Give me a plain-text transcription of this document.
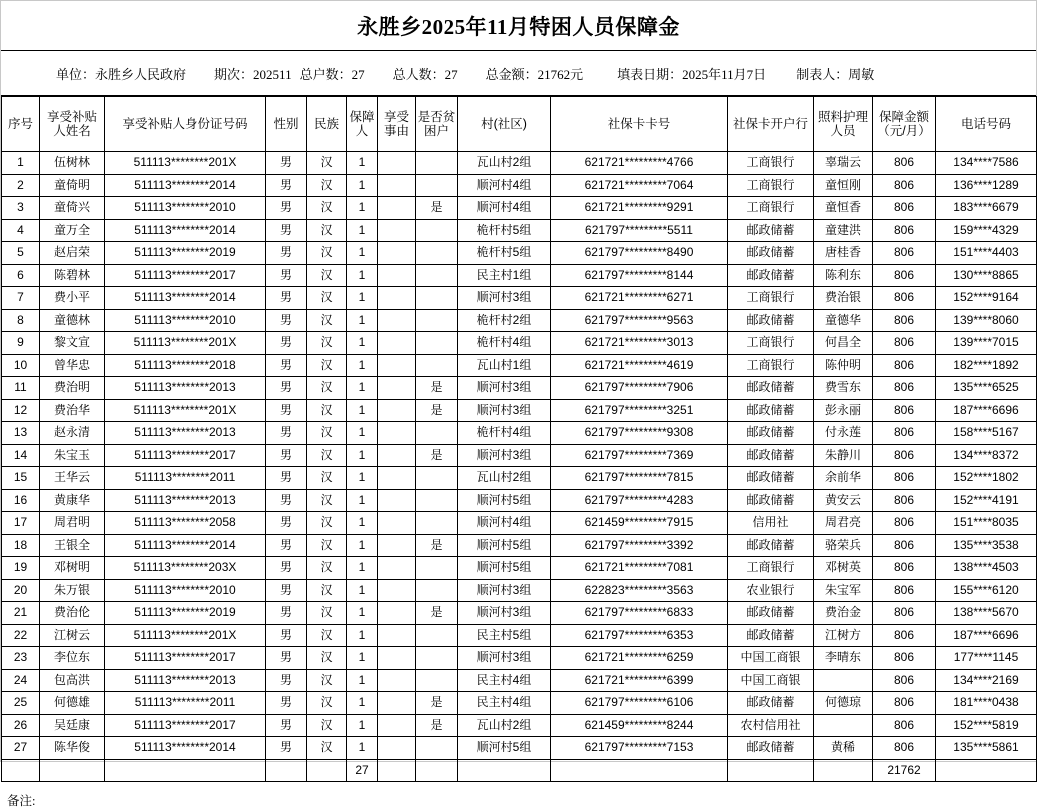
永胜乡2025年11月特困人员保障金
单位：永胜乡人民政府 期次：202511 总户数：27 总人数：27 总金额：21762元	填表日期：2025年11月7日 制表人：周敏
序号	享受补贴人姓名	享受补贴人身份证号码	性别	民族	保障人	享受事由	是否贫困户	村(社区)	社保卡卡号	社保卡开户行	照料护理人员	保障金额（元/月）	电话号码
1	伍树林	511113********201X	男	汉	1			瓦山村2组	621721*********4766	工商银行	辜瑞云	806	134****7586
2	童倚明	511113********2014	男	汉	1			顺河村4组	621721*********7064	工商银行	童恒刚	806	136****1289
3	童倚兴	511113********2010	男	汉	1		是	顺河村4组	621721*********9291	工商银行	童恒香	806	183****6679
4	童万全	511113********2014	男	汉	1			桅杆村5组	621797*********5511	邮政储蓄	童建洪	806	159****4329
5	赵启荣	511113********2019	男	汉	1			桅杆村5组	621797*********8490	邮政储蓄	唐桂香	806	151****4403
6	陈碧林	511113********2017	男	汉	1			民主村1组	621797*********8144	邮政储蓄	陈利东	806	130****8865
7	费小平	511113********2014	男	汉	1			顺河村3组	621721*********6271	工商银行	费治银	806	152****9164
8	童德林	511113********2010	男	汉	1			桅杆村2组	621797*********9563	邮政储蓄	童德华	806	139****8060
9	黎文宣	511113********201X	男	汉	1			桅杆村4组	621721*********3013	工商银行	何昌全	806	139****7015
10	曾华忠	511113********2018	男	汉	1			瓦山村1组	621721*********4619	工商银行	陈仲明	806	182****1892
11	费治明	511113********2013	男	汉	1		是	顺河村3组	621797*********7906	邮政储蓄	费雪东	806	135****6525
12	费治华	511113********201X	男	汉	1		是	顺河村3组	621797*********3251	邮政储蓄	彭永丽	806	187****6696
13	赵永清	511113********2013	男	汉	1			桅杆村4组	621797*********9308	邮政储蓄	付永莲	806	158****5167
14	朱宝玉	511113********2017	男	汉	1		是	顺河村3组	621797*********7369	邮政储蓄	朱静川	806	134****8372
15	王华云	511113********2011	男	汉	1			瓦山村2组	621797*********7815	邮政储蓄	余前华	806	152****1802
16	黄康华	511113********2013	男	汉	1			顺河村5组	621797*********4283	邮政储蓄	黄安云	806	152****4191
17	周君明	511113********2058	男	汉	1			顺河村4组	621459*********7915	信用社	周君亮	806	151****8035
18	王银全	511113********2014	男	汉	1		是	顺河村5组	621797*********3392	邮政储蓄	骆荣兵	806	135****3538
19	邓树明	511113********203X	男	汉	1			顺河村5组	621721*********7081	工商银行	邓树英	806	138****4503
20	朱万银	511113********2010	男	汉	1			顺河村3组	622823*********3563	农业银行	朱宝军	806	155****6120
21	费治伦	511113********2019	男	汉	1		是	顺河村3组	621797*********6833	邮政储蓄	费治金	806	138****5670
22	江树云	511113********201X	男	汉	1			民主村5组	621797*********6353	邮政储蓄	江树方	806	187****6696
23	李位东	511113********2017	男	汉	1			顺河村3组	621721*********6259	中国工商银	李晴东	806	177****1145
24	包高洪	511113********2013	男	汉	1			民主村4组	621721*********6399	中国工商银		806	134****2169
25	何德雄	511113********2011	男	汉	1		是	民主村4组	621797*********6106	邮政储蓄	何德琼	806	181****0438
26	吴廷康	511113********2017	男	汉	1		是	瓦山村2组	621459*********8244	农村信用社		806	152****5819
27	陈华俊	511113********2014	男	汉	1			顺河村5组	621797*********7153	邮政储蓄	黄稀	806	135****5861
					27							21762	
备注:
